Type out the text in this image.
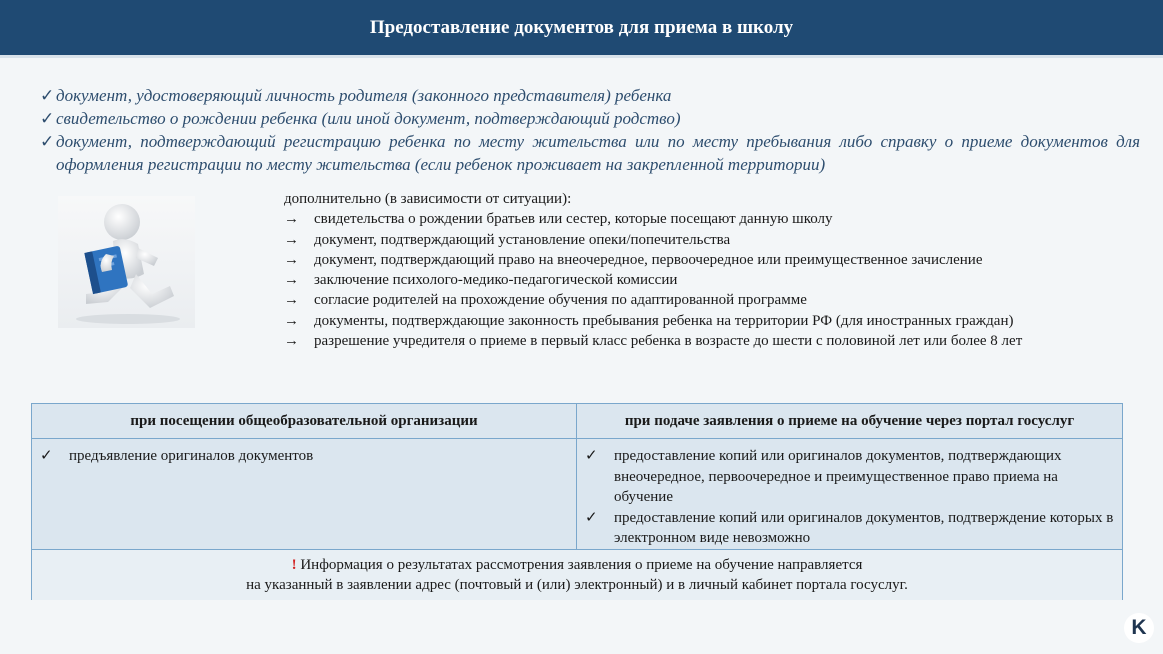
Предоставление документов для приема в школу
✓ документ, удостоверяющий личность родителя (законного представителя) ребенка
✓ свидетельство о рождении ребенка (или иной документ, подтверждающий родство)
✓ документ, подтверждающий регистрацию ребенка по месту жительства или по месту пребывания либо справку о приеме документов для оформления регистрации по месту жительства (если ребенок проживает на закрепленной территории)
дополнительно (в зависимости от ситуации):
→	свидетельства о рождении братьев или сестер, которые посещают данную школу
→	документ, подтверждающий установление опеки/попечительства
→	документ, подтверждающий право на внеочередное, первоочередное или преимущественное зачисление
→	заключение психолого-медико-педагогической комиссии
→	согласие родителей на прохождение обучения по адаптированной программе
→	документы, подтверждающие законность пребывания ребенка на территории РФ (для иностранных граждан)
→	разрешение учредителя о приеме в первый класс ребенка в возрасте до шести с половиной лет или более 8 лет
при посещении общеобразовательной организации	при подаче заявления о приеме на обучение через портал госуслуг
✓	предъявление оригиналов документов	✓	предоставление копий или оригиналов документов, подтверждающих внеочередное, первоочередное и преимущественное право приема на обучение
✓	предоставление копий или оригиналов документов, подтверждение которых в электронном виде невозможно
! Информация о результатах рассмотрения заявления о приеме на обучение направляется
на указанный в заявлении адрес (почтовый и (или) электронный) и в личный кабинет портала госуслуг.
K
